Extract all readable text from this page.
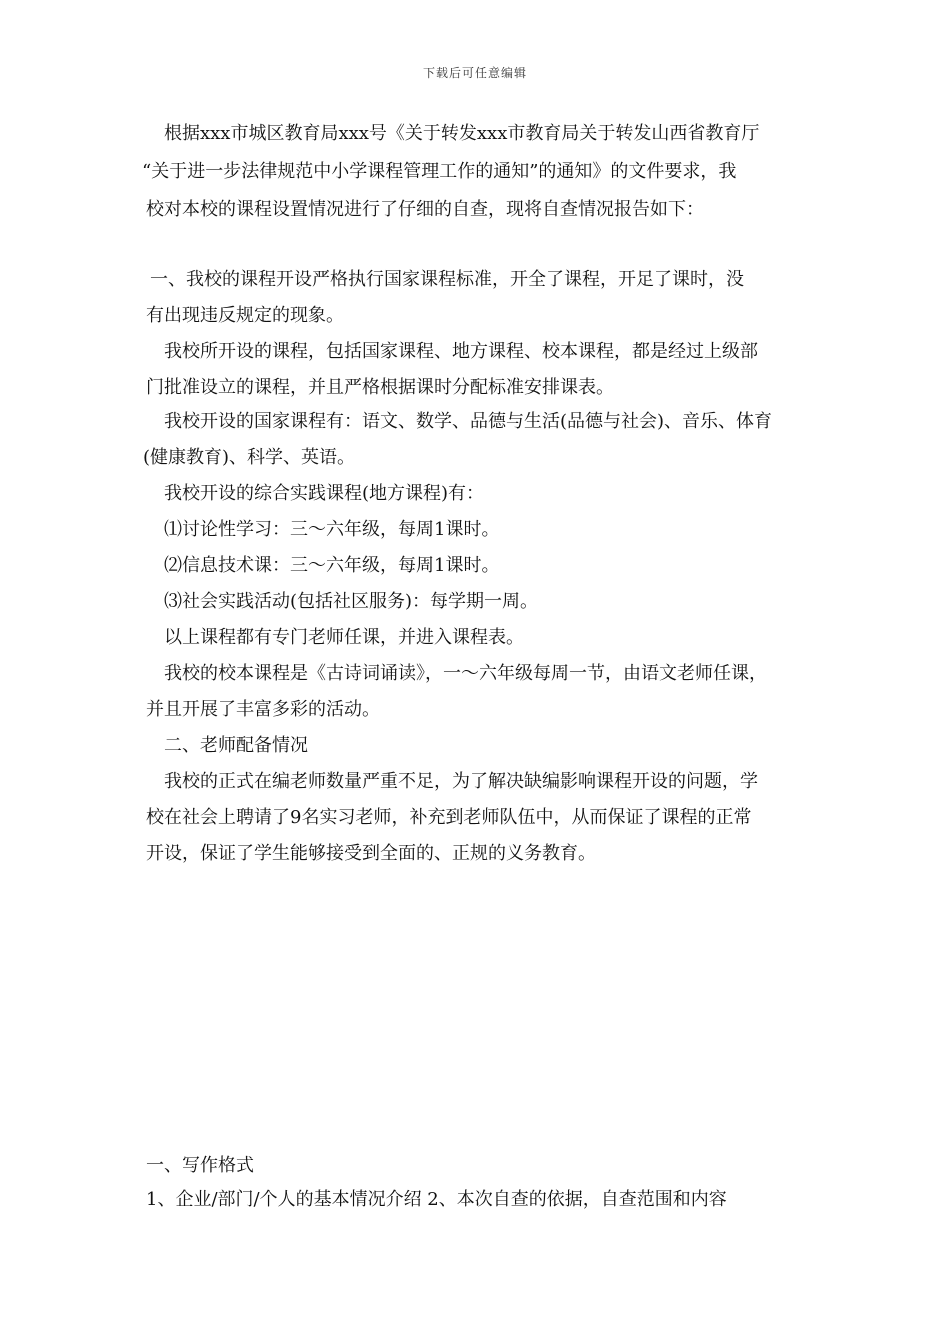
下载后可任意编辑
根据xxx市城区教育局xxx号《关于转发xxx市教育局关于转发山西省教育厅
“关于进一步法律规范中小学课程管理工作的通知”的通知》的文件要求，我
校对本校的课程设置情况进行了仔细的自查，现将自查情况报告如下：
一、我校的课程开设严格执行国家课程标准，开全了课程，开足了课时，没
有出现违反规定的现象。
我校所开设的课程，包括国家课程、地方课程、校本课程，都是经过上级部
门批准设立的课程，并且严格根据课时分配标准安排课表。
我校开设的国家课程有：语文、数学、品德与生活(品德与社会)、音乐、体育
(健康教育)、科学、英语。
我校开设的综合实践课程(地方课程)有：
⑴讨论性学习：三～六年级，每周1课时。
⑵信息技术课：三～六年级，每周1课时。
⑶社会实践活动(包括社区服务)：每学期一周。
以上课程都有专门老师任课，并进入课程表。
我校的校本课程是《古诗词诵读》，一～六年级每周一节，由语文老师任课，
并且开展了丰富多彩的活动。
二、老师配备情况
我校的正式在编老师数量严重不足，为了解决缺编影响课程开设的问题，学
校在社会上聘请了9名实习老师，补充到老师队伍中，从而保证了课程的正常
开设，保证了学生能够接受到全面的、正规的义务教育。
一、写作格式
1、企业/部门/个人的基本情况介绍 2、本次自查的依据，自查范围和内容
